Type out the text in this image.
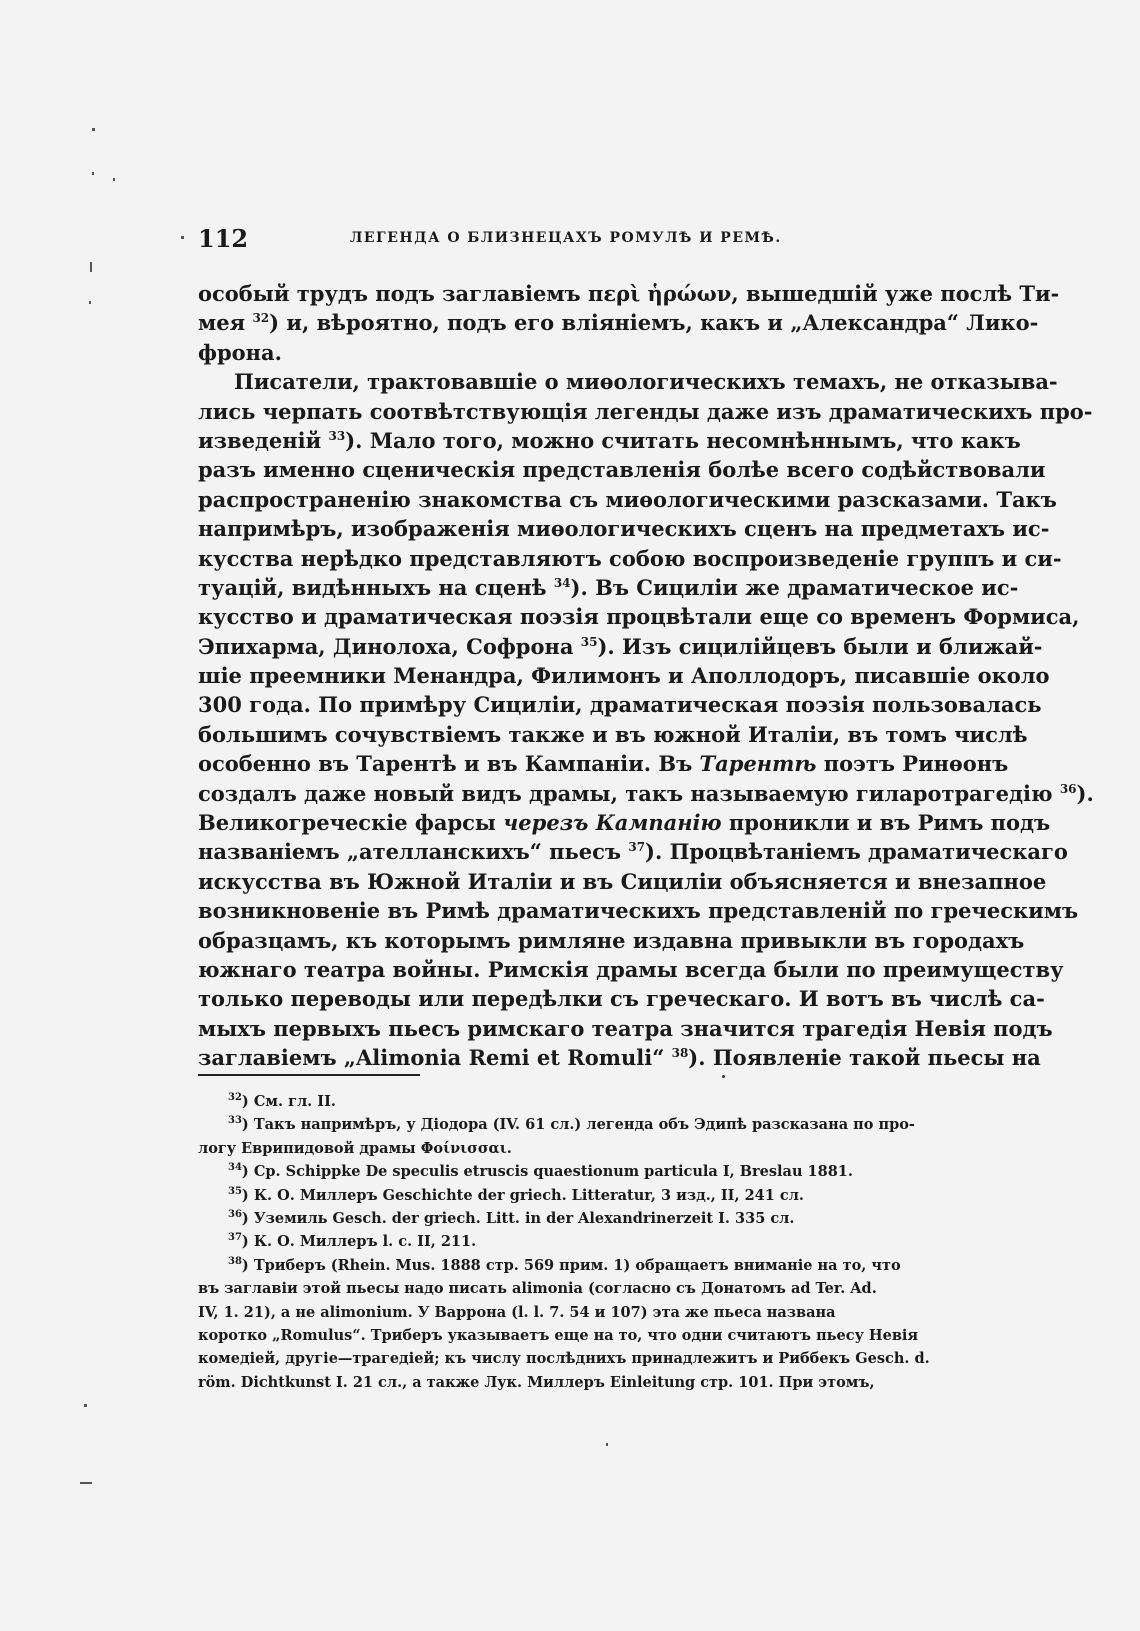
112	ЛЕГЕНДА О БЛИЗНЕЦАХЪ РОМУЛѢ И РЕМѢ.
особый трудъ подъ заглавіемъ περὶ ἡρώων, вышедшій уже послѣ Ти-
мея $^{32}$) и, вѣроятно, подъ его вліяніемъ, какъ и „Александра“ Лико-
фрона.
Писатели, трактовавшіе о миѳологическихъ темахъ, не отказыва-
лись черпать соотвѣтствующія легенды даже изъ драматическихъ про-
изведеній $^{33}$). Мало того, можно считать несомнѣннымъ, что какъ
разъ именно сценическія представленія болѣе всего содѣйствовали
распространенію знакомства съ миѳологическими разсказами. Такъ
напримѣръ, изображенія миѳологическихъ сценъ на предметахъ ис-
кусства нерѣдко представляютъ собою воспроизведеніе группъ и си-
туацій, видѣнныхъ на сценѣ $^{34}$). Въ Сициліи же драматическое ис-
кусство и драматическая поэзія процвѣтали еще со временъ Формиса,
Эпихарма, Динолоха, Софрона $^{35}$). Изъ сицилійцевъ были и ближай-
шіе преемники Менандра, Филимонъ и Аполлодоръ, писавшіе около
300 года. По примѣру Сициліи, драматическая поэзія пользовалась
большимъ сочувствіемъ также и въ южной Италіи, въ томъ числѣ
особенно въ Тарентѣ и въ Кампаніи. Въ Тарентѣ поэтъ Ринѳонъ
создалъ даже новый видъ драмы, такъ называемую гиларотрагедію $^{36}$).
Великогреческіе фарсы черезъ Кампанію проникли и въ Римъ подъ
названіемъ „ателланскихъ“ пьесъ $^{37}$). Процвѣтаніемъ драматическаго
искусства въ Южной Италіи и въ Сициліи объясняется и внезапное
возникновеніе въ Римѣ драматическихъ представленій по греческимъ
образцамъ, къ которымъ римляне издавна привыкли въ городахъ
южнаго театра войны. Римскія драмы всегда были по преимуществу
только переводы или передѣлки съ греческаго. И вотъ въ числѣ са-
мыхъ первыхъ пьесъ римскаго театра значится трагедія Невія подъ
заглавіемъ „Alimonia Remi et Romuli“ $^{38}$). Появленіе такой пьесы на
$^{32}$) См. гл. II.
$^{33}$) Такъ напримѣръ, у Діодора (IV. 61 сл.) легенда объ Эдипѣ разсказана по про-
логу Еврипидовой драмы Φοίνισσαι.
$^{34}$) Ср. Schippke De speculis etruscis quaestionum particula I, Breslau 1881.
$^{35}$) К. О. Миллеръ Geschichte der griech. Litteratur, 3 изд., II, 241 сл.
$^{36}$) Уземиль Gesch. der griech. Litt. in der Alexandrinerzeit I. 335 сл.
$^{37}$) К. О. Миллеръ l. c. II, 211.
$^{38}$) Триберъ (Rhein. Mus. 1888 стр. 569 прим. 1) обращаетъ вниманіе на то, что
въ заглавіи этой пьесы надо писать alimonia (согласно съ Донатомъ ad Ter. Ad.
IV, 1. 21), а не alimonium. У Варрона (l. l. 7. 54 и 107) эта же пьеса названа
коротко „Romulus“. Триберъ указываетъ еще на то, что одни считаютъ пьесу Невія
комедіей, другіе—трагедіей; къ числу послѣднихъ принадлежитъ и Риббекъ Gesch. d.
röm. Dichtkunst I. 21 сл., а также Лук. Миллеръ Einleitung стр. 101. При этомъ,
